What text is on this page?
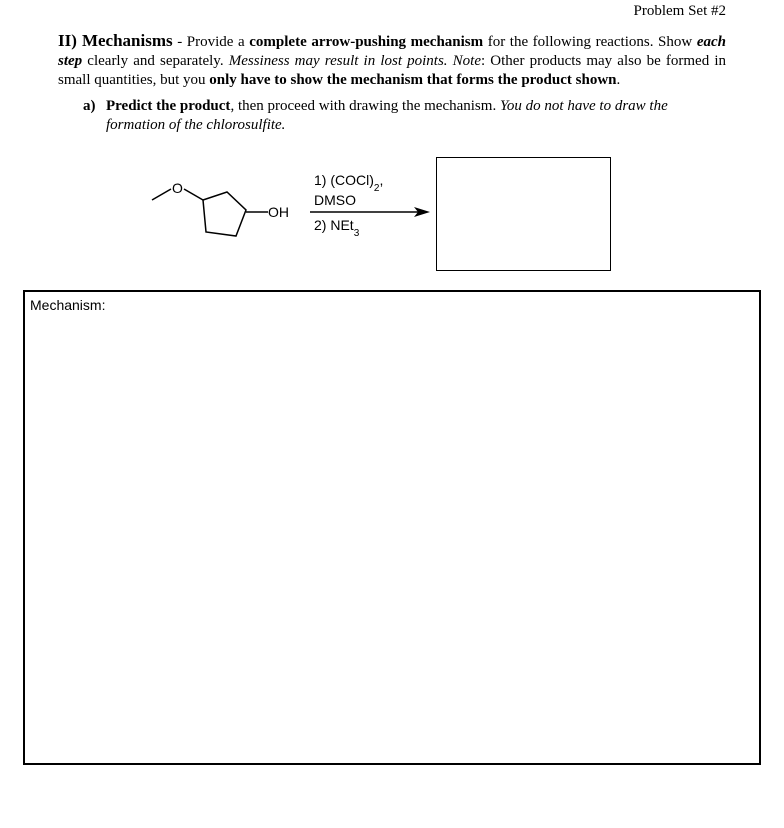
Problem Set #2
II) Mechanisms - Provide a complete arrow-pushing mechanism for the following reactions. Show each step clearly and separately. Messiness may result in lost points. Note: Other products may also be formed in small quantities, but you only have to show the mechanism that forms the product shown.
a) Predict the product, then proceed with drawing the mechanism. You do not have to draw the
formation of the chlorosulfite.
O
OH
1) $(COCl)_2$,
DMSO
2) NEt$_3$
Mechanism:
